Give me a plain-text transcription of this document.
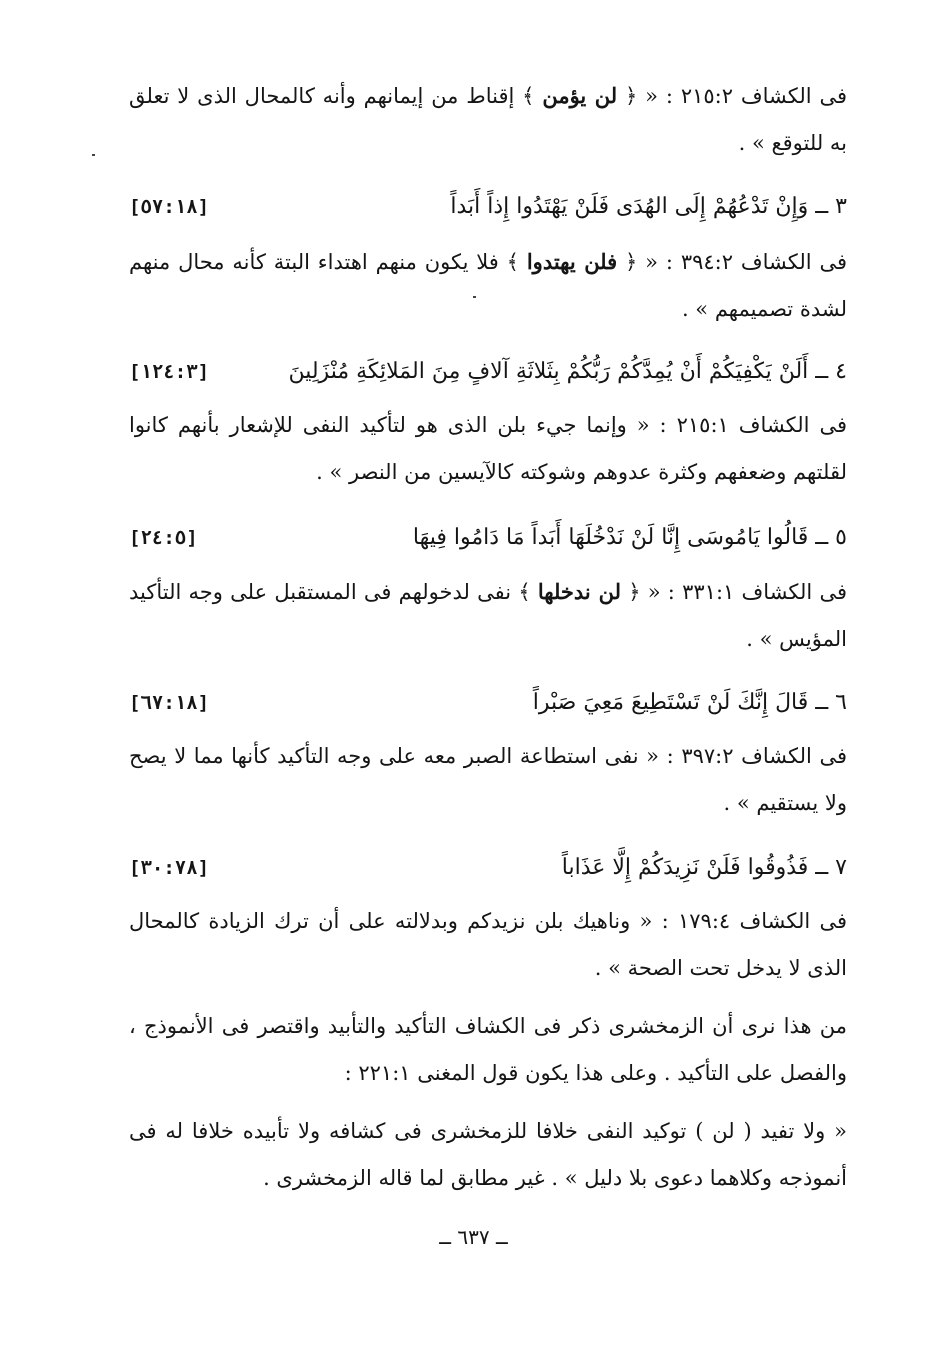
فى الكشاف ٢١٥:٢ : « ﴿ لن يؤمن ﴾ إقناط من إيمانهم وأنه كالمحال الذى لا تعلق به للتوقع » .

٣ ــ وَإِنْ تَدْعُهُمْ إِلَى الهُدَى فَلَنْ يَهْتَدُوا إِذاً أَبَداً
[٥٧:١٨]

فى الكشاف ٣٩٤:٢ : « ﴿ فلن يهتدوا ﴾ فلا يكون منهم اهتداء البتة كأنه محال منهم لشدة تصميمهم » .

٤ ــ أَلَنْ يَكْفِيَكُمْ أَنْ يُمِدَّكُمْ رَبُّكُمْ بِثَلاثَةِ آلافٍ مِنَ المَلائِكَةِ مُنْزَلِينَ
[١٢٤:٣]

فى الكشاف ٢١٥:١ : « وإنما جيء بلن الذى هو لتأكيد النفى للإشعار بأنهم كانوا لقلتهم وضعفهم وكثرة عدوهم وشوكته كالآيسين من النصر » .

٥ ــ قَالُوا يَامُوسَى إِنَّا لَنْ نَدْخُلَهَا أَبَداً مَا دَامُوا فِيهَا
[٢٤:٥]

فى الكشاف ٣٣١:١ : « ﴿ لن ندخلها ﴾ نفى لدخولهم فى المستقبل على وجه التأكيد المؤيس » .

٦ ــ قَالَ إِنَّكَ لَنْ تَسْتَطِيعَ مَعِيَ صَبْراً
[٦٧:١٨]

فى الكشاف ٣٩٧:٢ : « نفى استطاعة الصبر معه على وجه التأكيد كأنها مما لا يصح ولا يستقيم » .

٧ ــ فَذُوقُوا فَلَنْ نَزِيدَكُمْ إِلَّا عَذَاباً
[٣٠:٧٨]

فى الكشاف ١٧٩:٤ : « وناهيك بلن نزيدكم وبدلالته على أن ترك الزيادة كالمحال الذى لا يدخل تحت الصحة » .

من هذا نرى أن الزمخشرى ذكر فى الكشاف التأكيد والتأبيد واقتصر فى الأنموذج ، والفصل على التأكيد . وعلى هذا يكون قول المغنى ٢٢١:١ :

« ولا تفيد ( لن ) توكيد النفى خلافا للزمخشرى فى كشافه ولا تأبيده خلافا له فى أنموذجه وكلاهما دعوى بلا دليل » . غير مطابق لما قاله الزمخشرى .

ــ ٦٣٧ ــ
